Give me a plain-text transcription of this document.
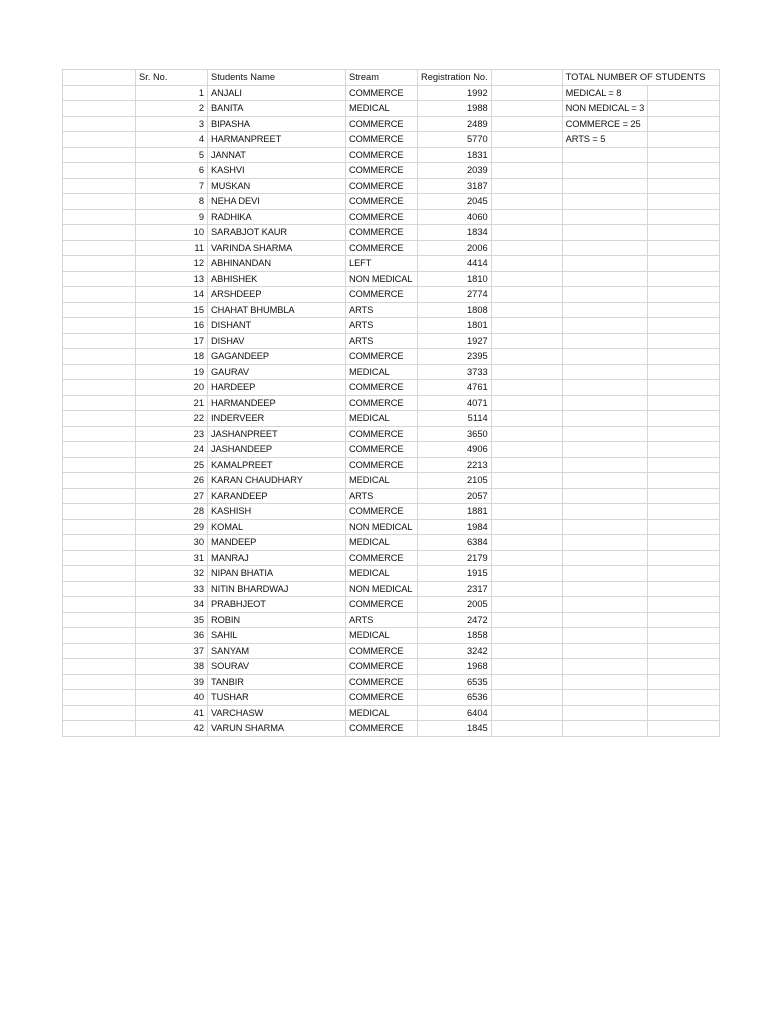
	Sr. No.	Students Name	Stream	Registration No.		TOTAL NUMBER OF STUDENTS	
	1	ANJALI	COMMERCE	1992		MEDICAL = 8	
	2	BANITA	MEDICAL	1988		NON MEDICAL = 3	
	3	BIPASHA	COMMERCE	2489		COMMERCE = 25	
	4	HARMANPREET	COMMERCE	5770		ARTS = 5	
	5	JANNAT	COMMERCE	1831			
	6	KASHVI	COMMERCE	2039			
	7	MUSKAN	COMMERCE	3187			
	8	NEHA DEVI	COMMERCE	2045			
	9	RADHIKA	COMMERCE	4060			
	10	SARABJOT KAUR	COMMERCE	1834			
	11	VARINDA SHARMA	COMMERCE	2006			
	12	ABHINANDAN	LEFT	4414			
	13	ABHISHEK	NON MEDICAL	1810			
	14	ARSHDEEP	COMMERCE	2774			
	15	CHAHAT BHUMBLA	ARTS	1808			
	16	DISHANT	ARTS	1801			
	17	DISHAV	ARTS	1927			
	18	GAGANDEEP	COMMERCE	2395			
	19	GAURAV	MEDICAL	3733			
	20	HARDEEP	COMMERCE	4761			
	21	HARMANDEEP	COMMERCE	4071			
	22	INDERVEER	MEDICAL	5114			
	23	JASHANPREET	COMMERCE	3650			
	24	JASHANDEEP	COMMERCE	4906			
	25	KAMALPREET	COMMERCE	2213			
	26	KARAN CHAUDHARY	MEDICAL	2105			
	27	KARANDEEP	ARTS	2057			
	28	KASHISH	COMMERCE	1881			
	29	KOMAL	NON MEDICAL	1984			
	30	MANDEEP	MEDICAL	6384			
	31	MANRAJ	COMMERCE	2179			
	32	NIPAN BHATIA	MEDICAL	1915			
	33	NITIN BHARDWAJ	NON MEDICAL	2317			
	34	PRABHJEOT	COMMERCE	2005			
	35	ROBIN	ARTS	2472			
	36	SAHIL	MEDICAL	1858			
	37	SANYAM	COMMERCE	3242			
	38	SOURAV	COMMERCE	1968			
	39	TANBIR	COMMERCE	6535			
	40	TUSHAR	COMMERCE	6536			
	41	VARCHASW	MEDICAL	6404			
	42	VARUN SHARMA	COMMERCE	1845			
